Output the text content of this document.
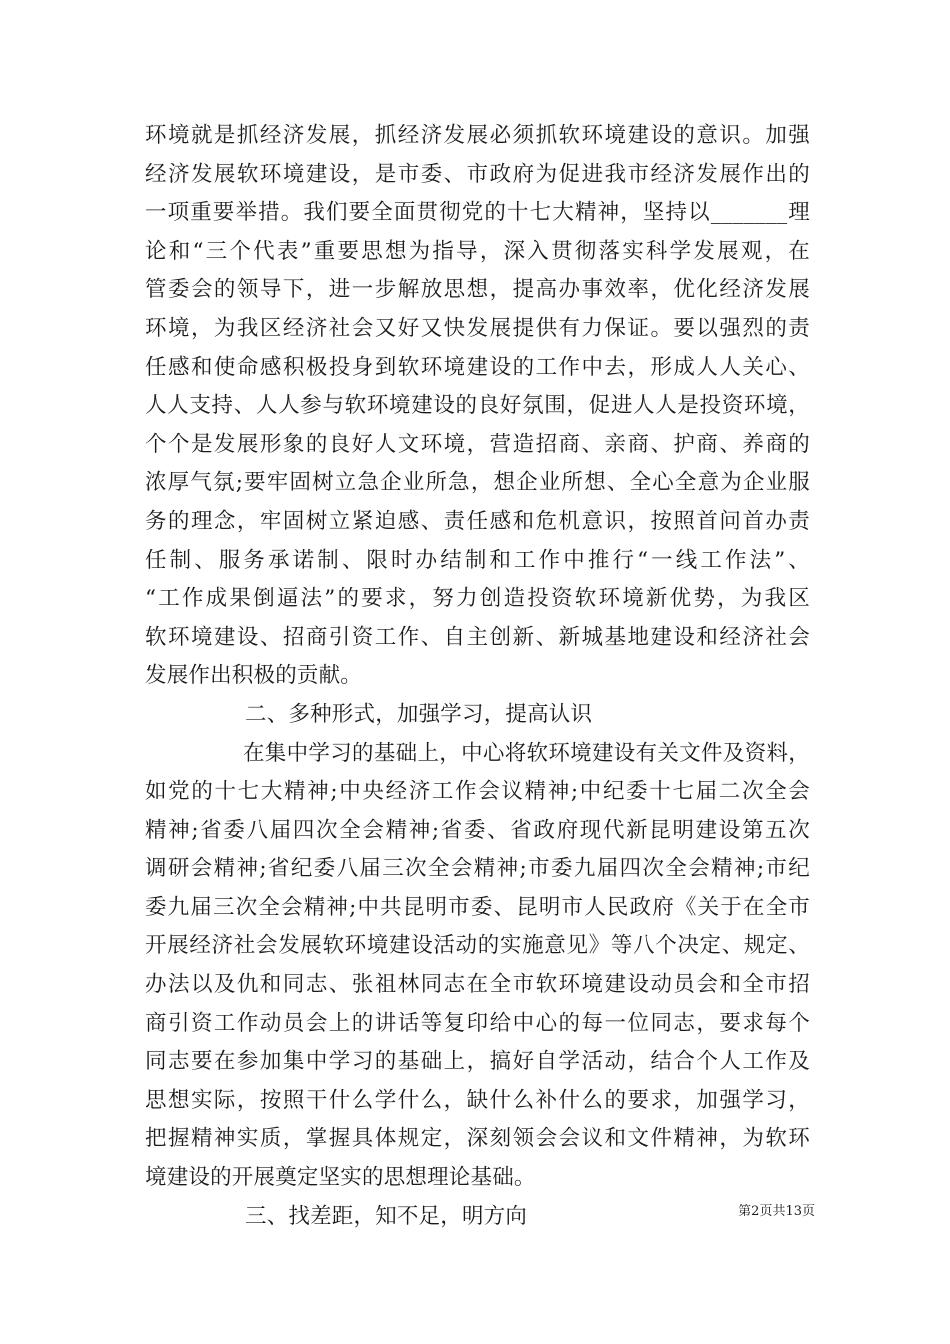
环境就是抓经济发展，抓经济发展必须抓软环境建设的意识。加强
经济发展软环境建设，是市委、市政府为促进我市经济发展作出的
一项重要举措。我们要全面贯彻党的十七大精神，坚持以_______理
论和“三个代表”重要思想为指导，深入贯彻落实科学发展观，在
管委会的领导下，进一步解放思想，提高办事效率，优化经济发展
环境，为我区经济社会又好又快发展提供有力保证。要以强烈的责
任感和使命感积极投身到软环境建设的工作中去，形成人人关心、
人人支持、人人参与软环境建设的良好氛围，促进人人是投资环境，
个个是发展形象的良好人文环境，营造招商、亲商、护商、养商的
浓厚气氛;要牢固树立急企业所急，想企业所想、全心全意为企业服
务的理念，牢固树立紧迫感、责任感和危机意识，按照首问首办责
任制、服务承诺制、限时办结制和工作中推行“一线工作法”、
“工作成果倒逼法”的要求，努力创造投资软环境新优势，为我区
软环境建设、招商引资工作、自主创新、新城基地建设和经济社会
发展作出积极的贡献。
二、多种形式，加强学习，提高认识
在集中学习的基础上，中心将软环境建设有关文件及资料，
如党的十七大精神;中央经济工作会议精神;中纪委十七届二次全会
精神;省委八届四次全会精神;省委、省政府现代新昆明建设第五次
调研会精神;省纪委八届三次全会精神;市委九届四次全会精神;市纪
委九届三次全会精神;中共昆明市委、昆明市人民政府《关于在全市
开展经济社会发展软环境建设活动的实施意见》等八个决定、规定、
办法以及仇和同志、张祖林同志在全市软环境建设动员会和全市招
商引资工作动员会上的讲话等复印给中心的每一位同志，要求每个
同志要在参加集中学习的基础上，搞好自学活动，结合个人工作及
思想实际，按照干什么学什么，缺什么补什么的要求，加强学习，
把握精神实质，掌握具体规定，深刻领会会议和文件精神，为软环
境建设的开展奠定坚实的思想理论基础。
三、找差距，知不足，明方向	第2页共13页
